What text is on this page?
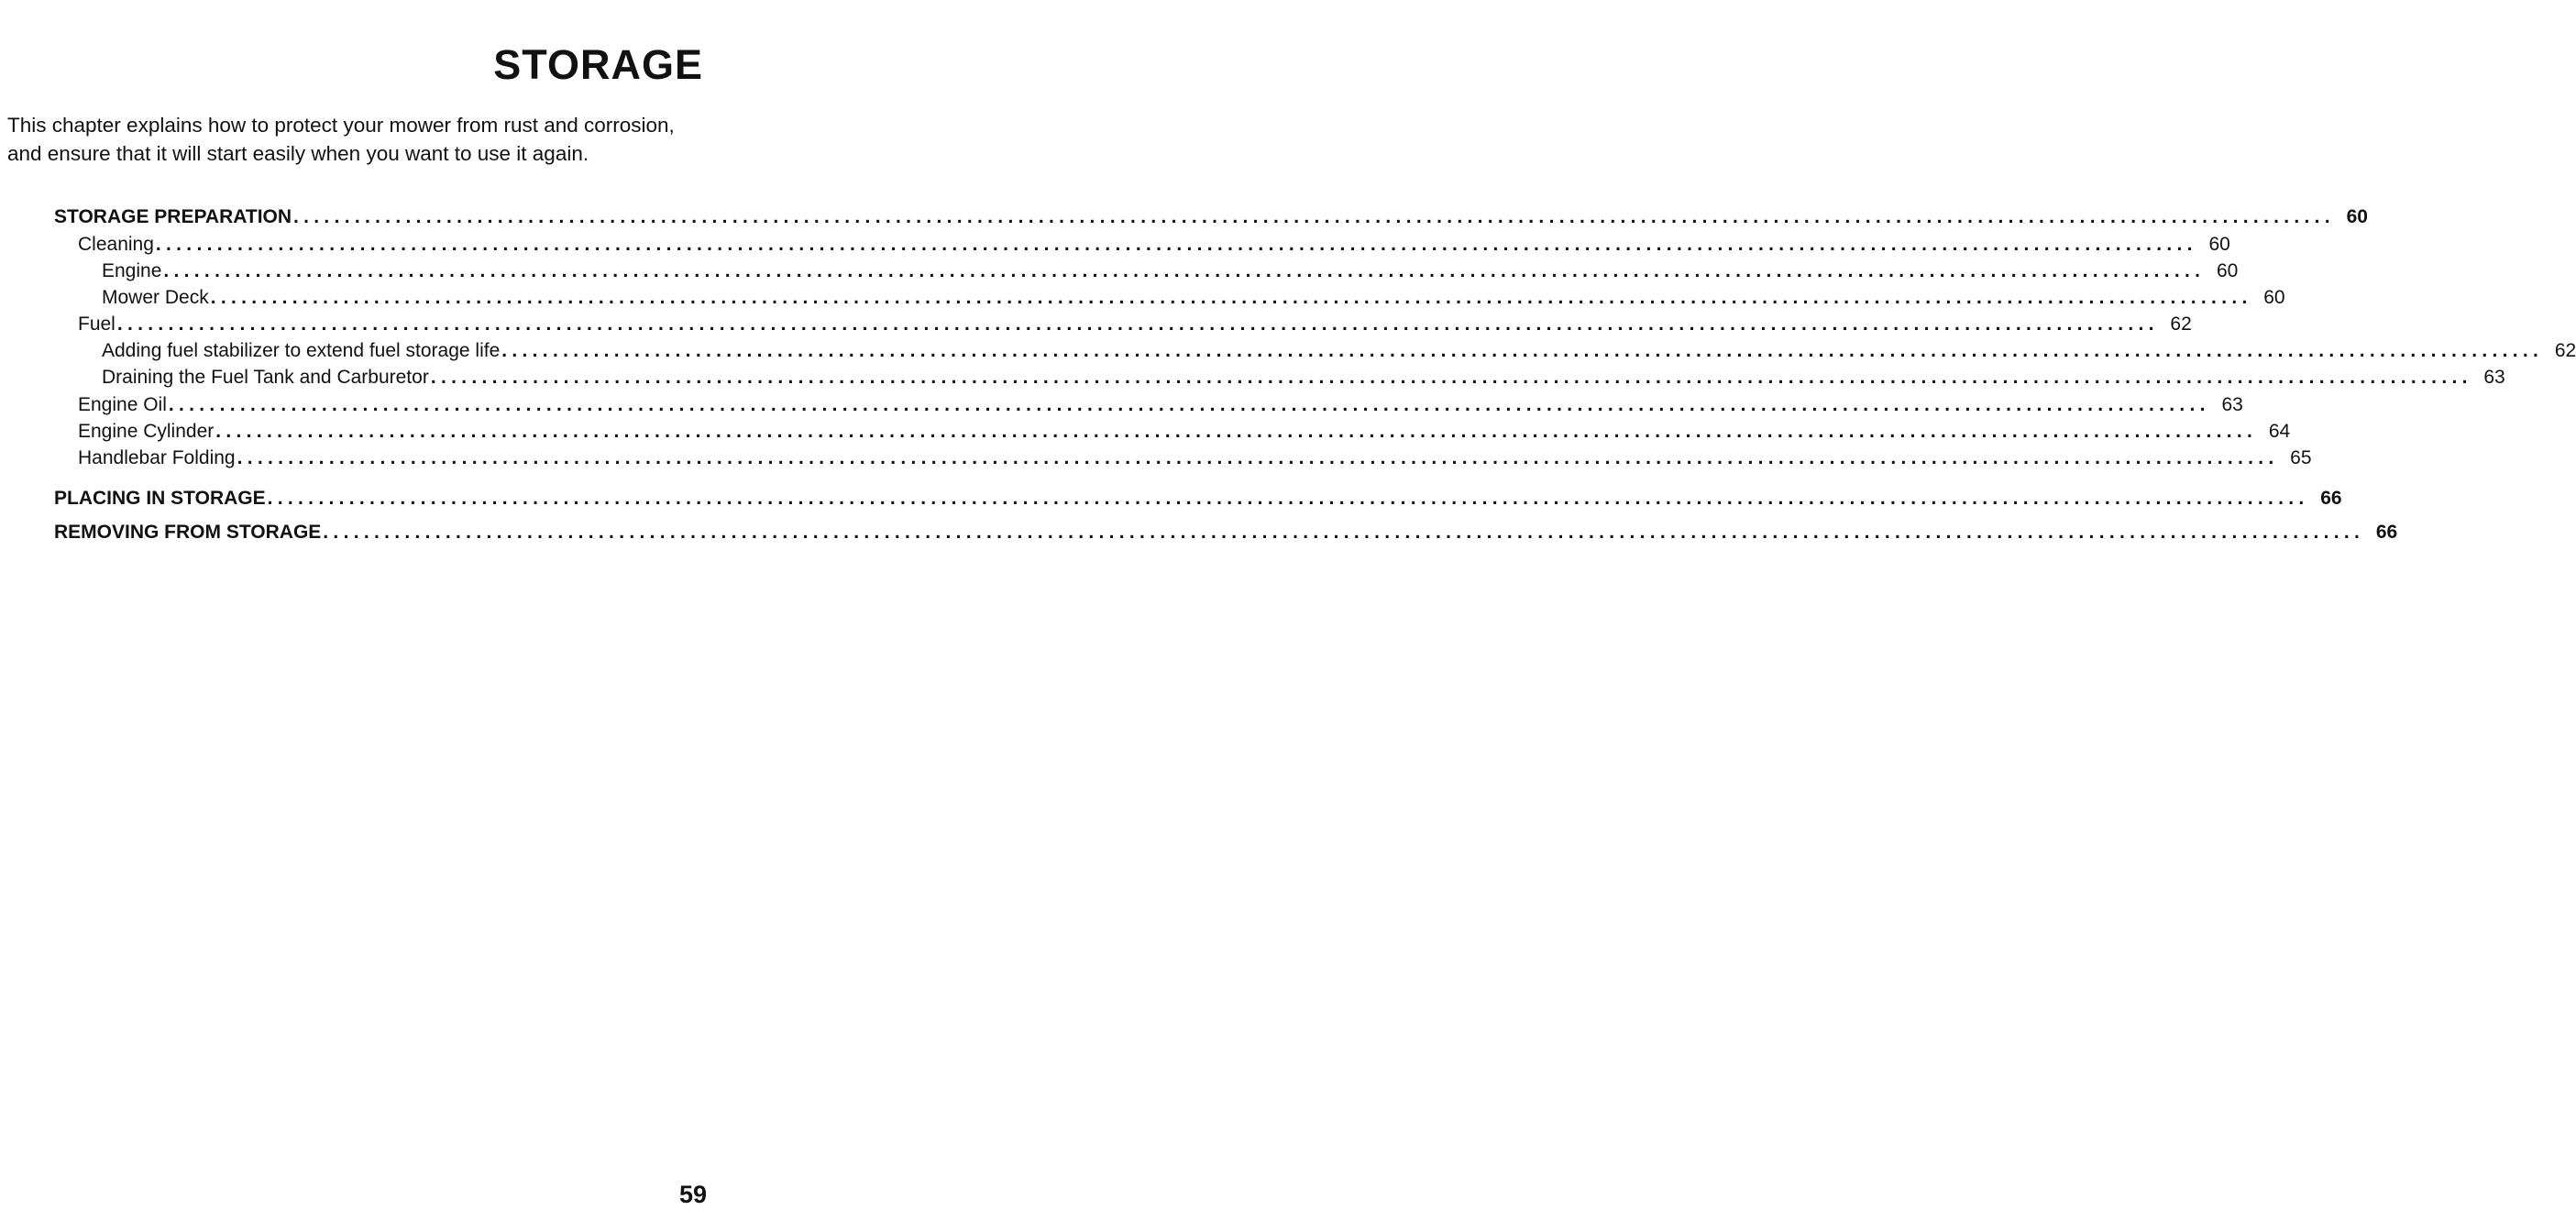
STORAGE

This chapter explains how to protect your mower from rust and corrosion, and ensure that it will start easily when you want to use it again.

STORAGE PREPARATION ........................................................................................................................................................................................................ 60
Cleaning ........................................................................................................................................................................................................ 60
Engine ........................................................................................................................................................................................................ 60
Mower Deck ........................................................................................................................................................................................................ 60
Fuel ........................................................................................................................................................................................................ 62
Adding fuel stabilizer to extend fuel storage life ........................................................................................................................................................................................................ 62
Draining the Fuel Tank and Carburetor ........................................................................................................................................................................................................ 63
Engine Oil ........................................................................................................................................................................................................ 63
Engine Cylinder ........................................................................................................................................................................................................ 64
Handlebar Folding ........................................................................................................................................................................................................ 65
PLACING IN STORAGE ........................................................................................................................................................................................................ 66
REMOVING FROM STORAGE ........................................................................................................................................................................................................ 66
59
